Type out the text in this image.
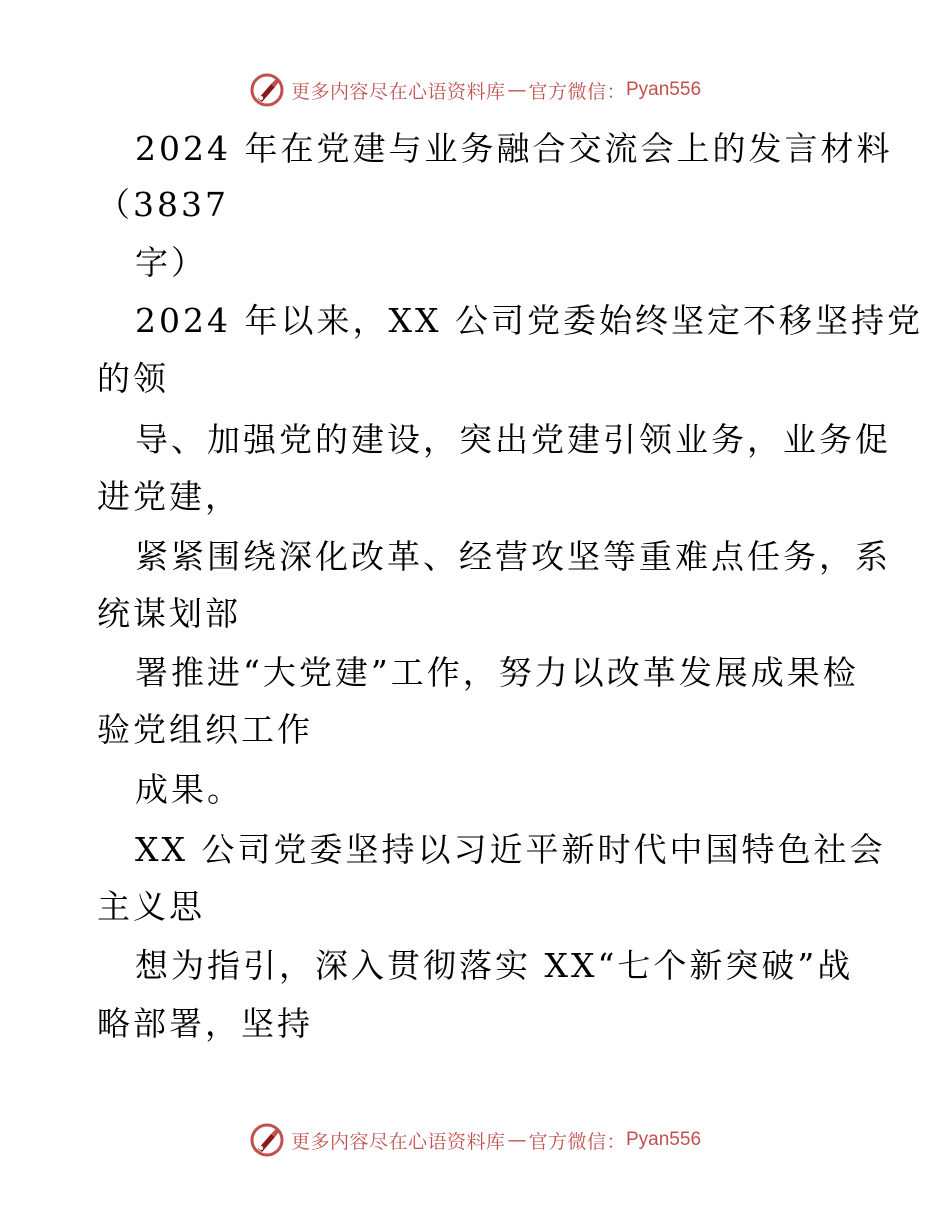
更多内容尽在心语资料库 — 官方微信： Pyan556
2024 年在党建与业务融合交流会上的发言材料
（3837
字）
2024 年以来，XX 公司党委始终坚定不移坚持党
的领
导、加强党的建设，突出党建引领业务，业务促
进党建，
紧紧围绕深化改革、经营攻坚等重难点任务，系
统谋划部
署推进“大党建”工作，努力以改革发展成果检
验党组织工作
成果。
XX 公司党委坚持以习近平新时代中国特色社会
主义思
想为指引，深入贯彻落实 XX“七个新突破”战
略部署，坚持
更多内容尽在心语资料库 — 官方微信： Pyan556
